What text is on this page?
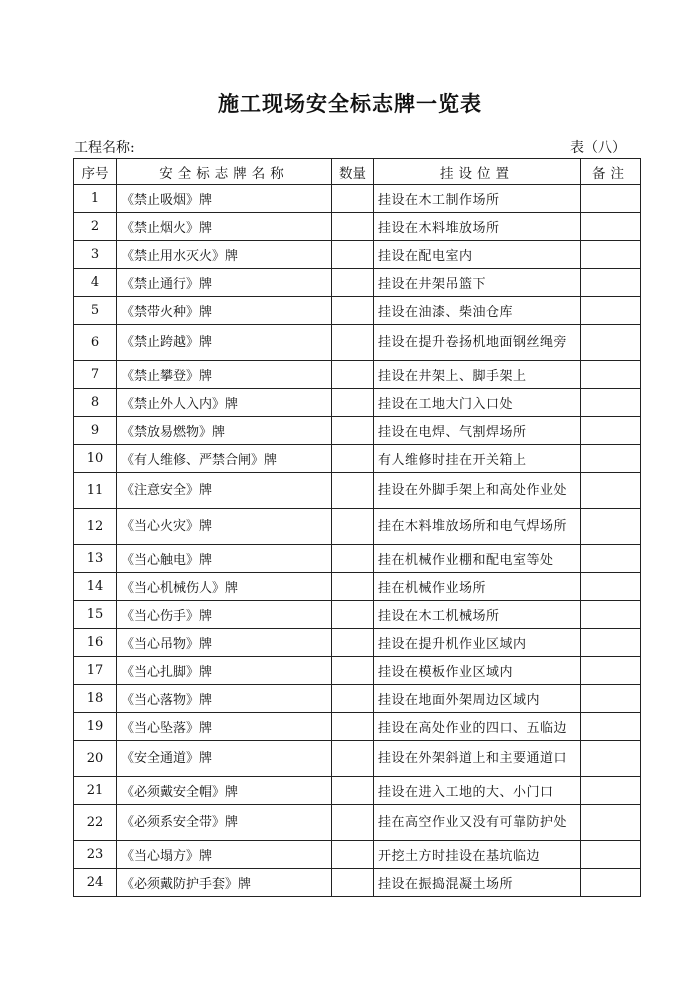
施工现场安全标志牌一览表
工程名称:	表（八）
序号	安全标志牌名称	数量	挂设位置	备注
1	《禁止吸烟》牌		挂设在木工制作场所	
2	《禁止烟火》牌		挂设在木料堆放场所	
3	《禁止用水灭火》牌		挂设在配电室内	
4	《禁止通行》牌		挂设在井架吊篮下	
5	《禁带火种》牌		挂设在油漆、柴油仓库	
6	《禁止跨越》牌		挂设在提升卷扬机地面钢丝绳旁	
7	《禁止攀登》牌		挂设在井架上、脚手架上	
8	《禁止外人入内》牌		挂设在工地大门入口处	
9	《禁放易燃物》牌		挂设在电焊、气割焊场所	
10	《有人维修、严禁合闸》牌		有人维修时挂在开关箱上	
11	《注意安全》牌		挂设在外脚手架上和高处作业处	
12	《当心火灾》牌		挂在木料堆放场所和电气焊场所	
13	《当心触电》牌		挂在机械作业棚和配电室等处	
14	《当心机械伤人》牌		挂在机械作业场所	
15	《当心伤手》牌		挂设在木工机械场所	
16	《当心吊物》牌		挂设在提升机作业区域内	
17	《当心扎脚》牌		挂设在模板作业区域内	
18	《当心落物》牌		挂设在地面外架周边区域内	
19	《当心坠落》牌		挂设在高处作业的四口、五临边	
20	《安全通道》牌		挂设在外架斜道上和主要通道口	
21	《必须戴安全帽》牌		挂设在进入工地的大、小门口	
22	《必须系安全带》牌		挂在高空作业又没有可靠防护处	
23	《当心塌方》牌		开挖土方时挂设在基坑临边	
24	《必须戴防护手套》牌		挂设在振捣混凝土场所	
